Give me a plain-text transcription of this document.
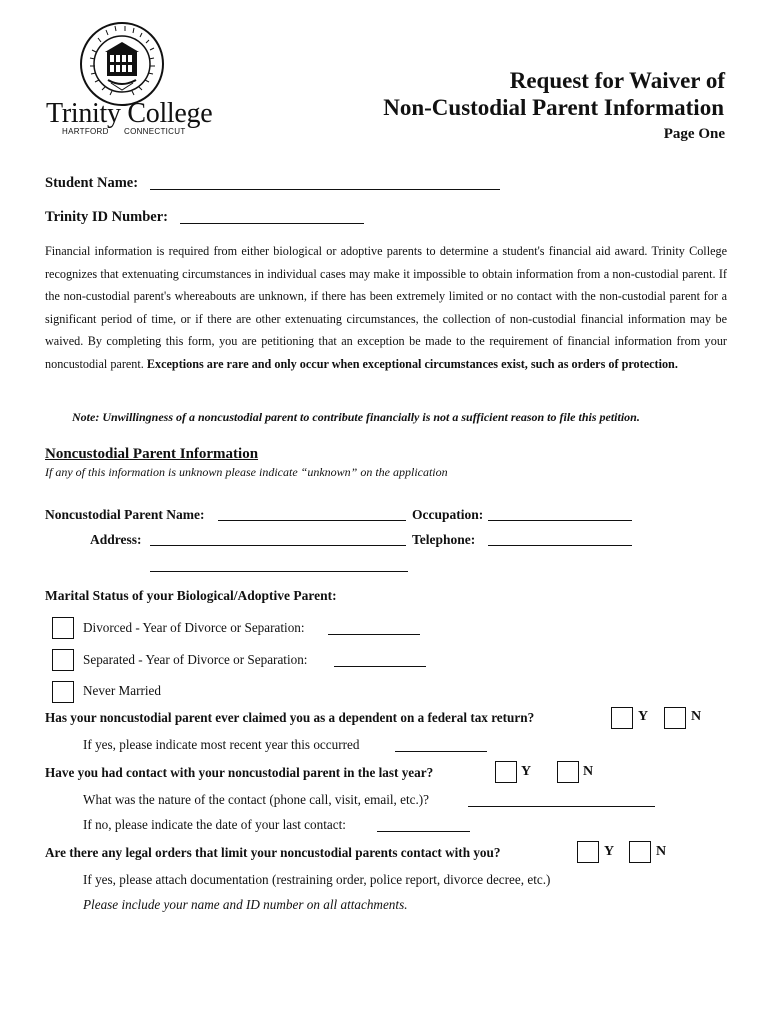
Trinity College
HARTFORD CONNECTICUT
Request for Waiver of
Non-Custodial Parent Information
Page One
Student Name:
Trinity ID Number:
Financial information is required from either biological or adoptive parents to determine a student's financial aid award. Trinity College recognizes that extenuating circumstances in individual cases may make it impossible to obtain information from a non-custodial parent. If the non-custodial parent's whereabouts are unknown, if there has been extremely limited or no contact with the non-custodial parent for a significant period of time, or if there are other extenuating circumstances, the collection of non-custodial financial information may be waived. By completing this form, you are petitioning that an exception be made to the requirement of financial information from your noncustodial parent. Exceptions are rare and only occur when exceptional circumstances exist, such as orders of protection.
Note: Unwillingness of a noncustodial parent to contribute financially is not a sufficient reason to file this petition.
Noncustodial Parent Information
If any of this information is unknown please indicate “unknown” on the application
Noncustodial Parent Name:	Occupation:
Address:	Telephone:
Marital Status of your Biological/Adoptive Parent:
Divorced - Year of Divorce or Separation:
Separated - Year of Divorce or Separation:
Never Married
Has your noncustodial parent ever claimed you as a dependent on a federal tax return?	Y	N
If yes, please indicate most recent year this occurred
Have you had contact with your noncustodial parent in the last year?	Y	N
What was the nature of the contact (phone call, visit, email, etc.)?
If no, please indicate the date of your last contact:
Are there any legal orders that limit your noncustodial parents contact with you?	Y	N
If yes, please attach documentation (restraining order, police report, divorce decree, etc.)
Please include your name and ID number on all attachments.
